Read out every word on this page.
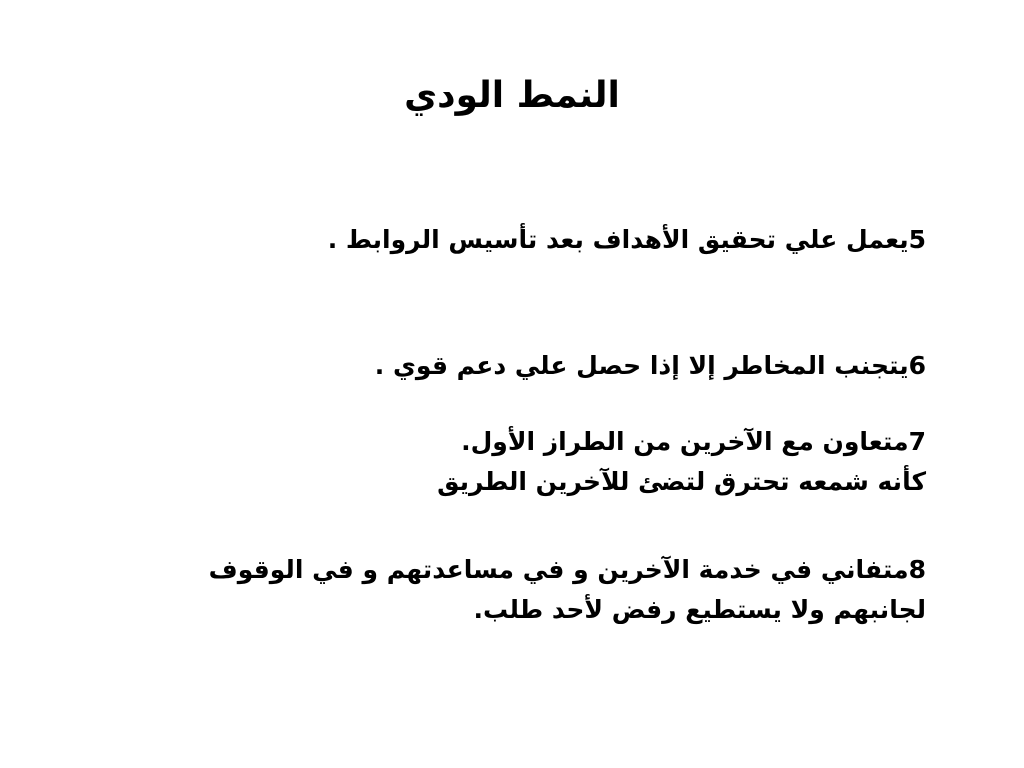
النمط الودي
5يعمل علي تحقيق الأهداف بعد تأسيس الروابط .
6يتجنب المخاطر إلا إذا حصل علي دعم قوي .
7متعاون مع الآخرين من الطراز الأول.
كأنه شمعه تحترق لتضئ للآخرين الطريق
8متفاني في خدمة الآخرين و في مساعدتهم و في الوقوف
لجانبهم ولا يستطيع رفض لأحد طلب.
